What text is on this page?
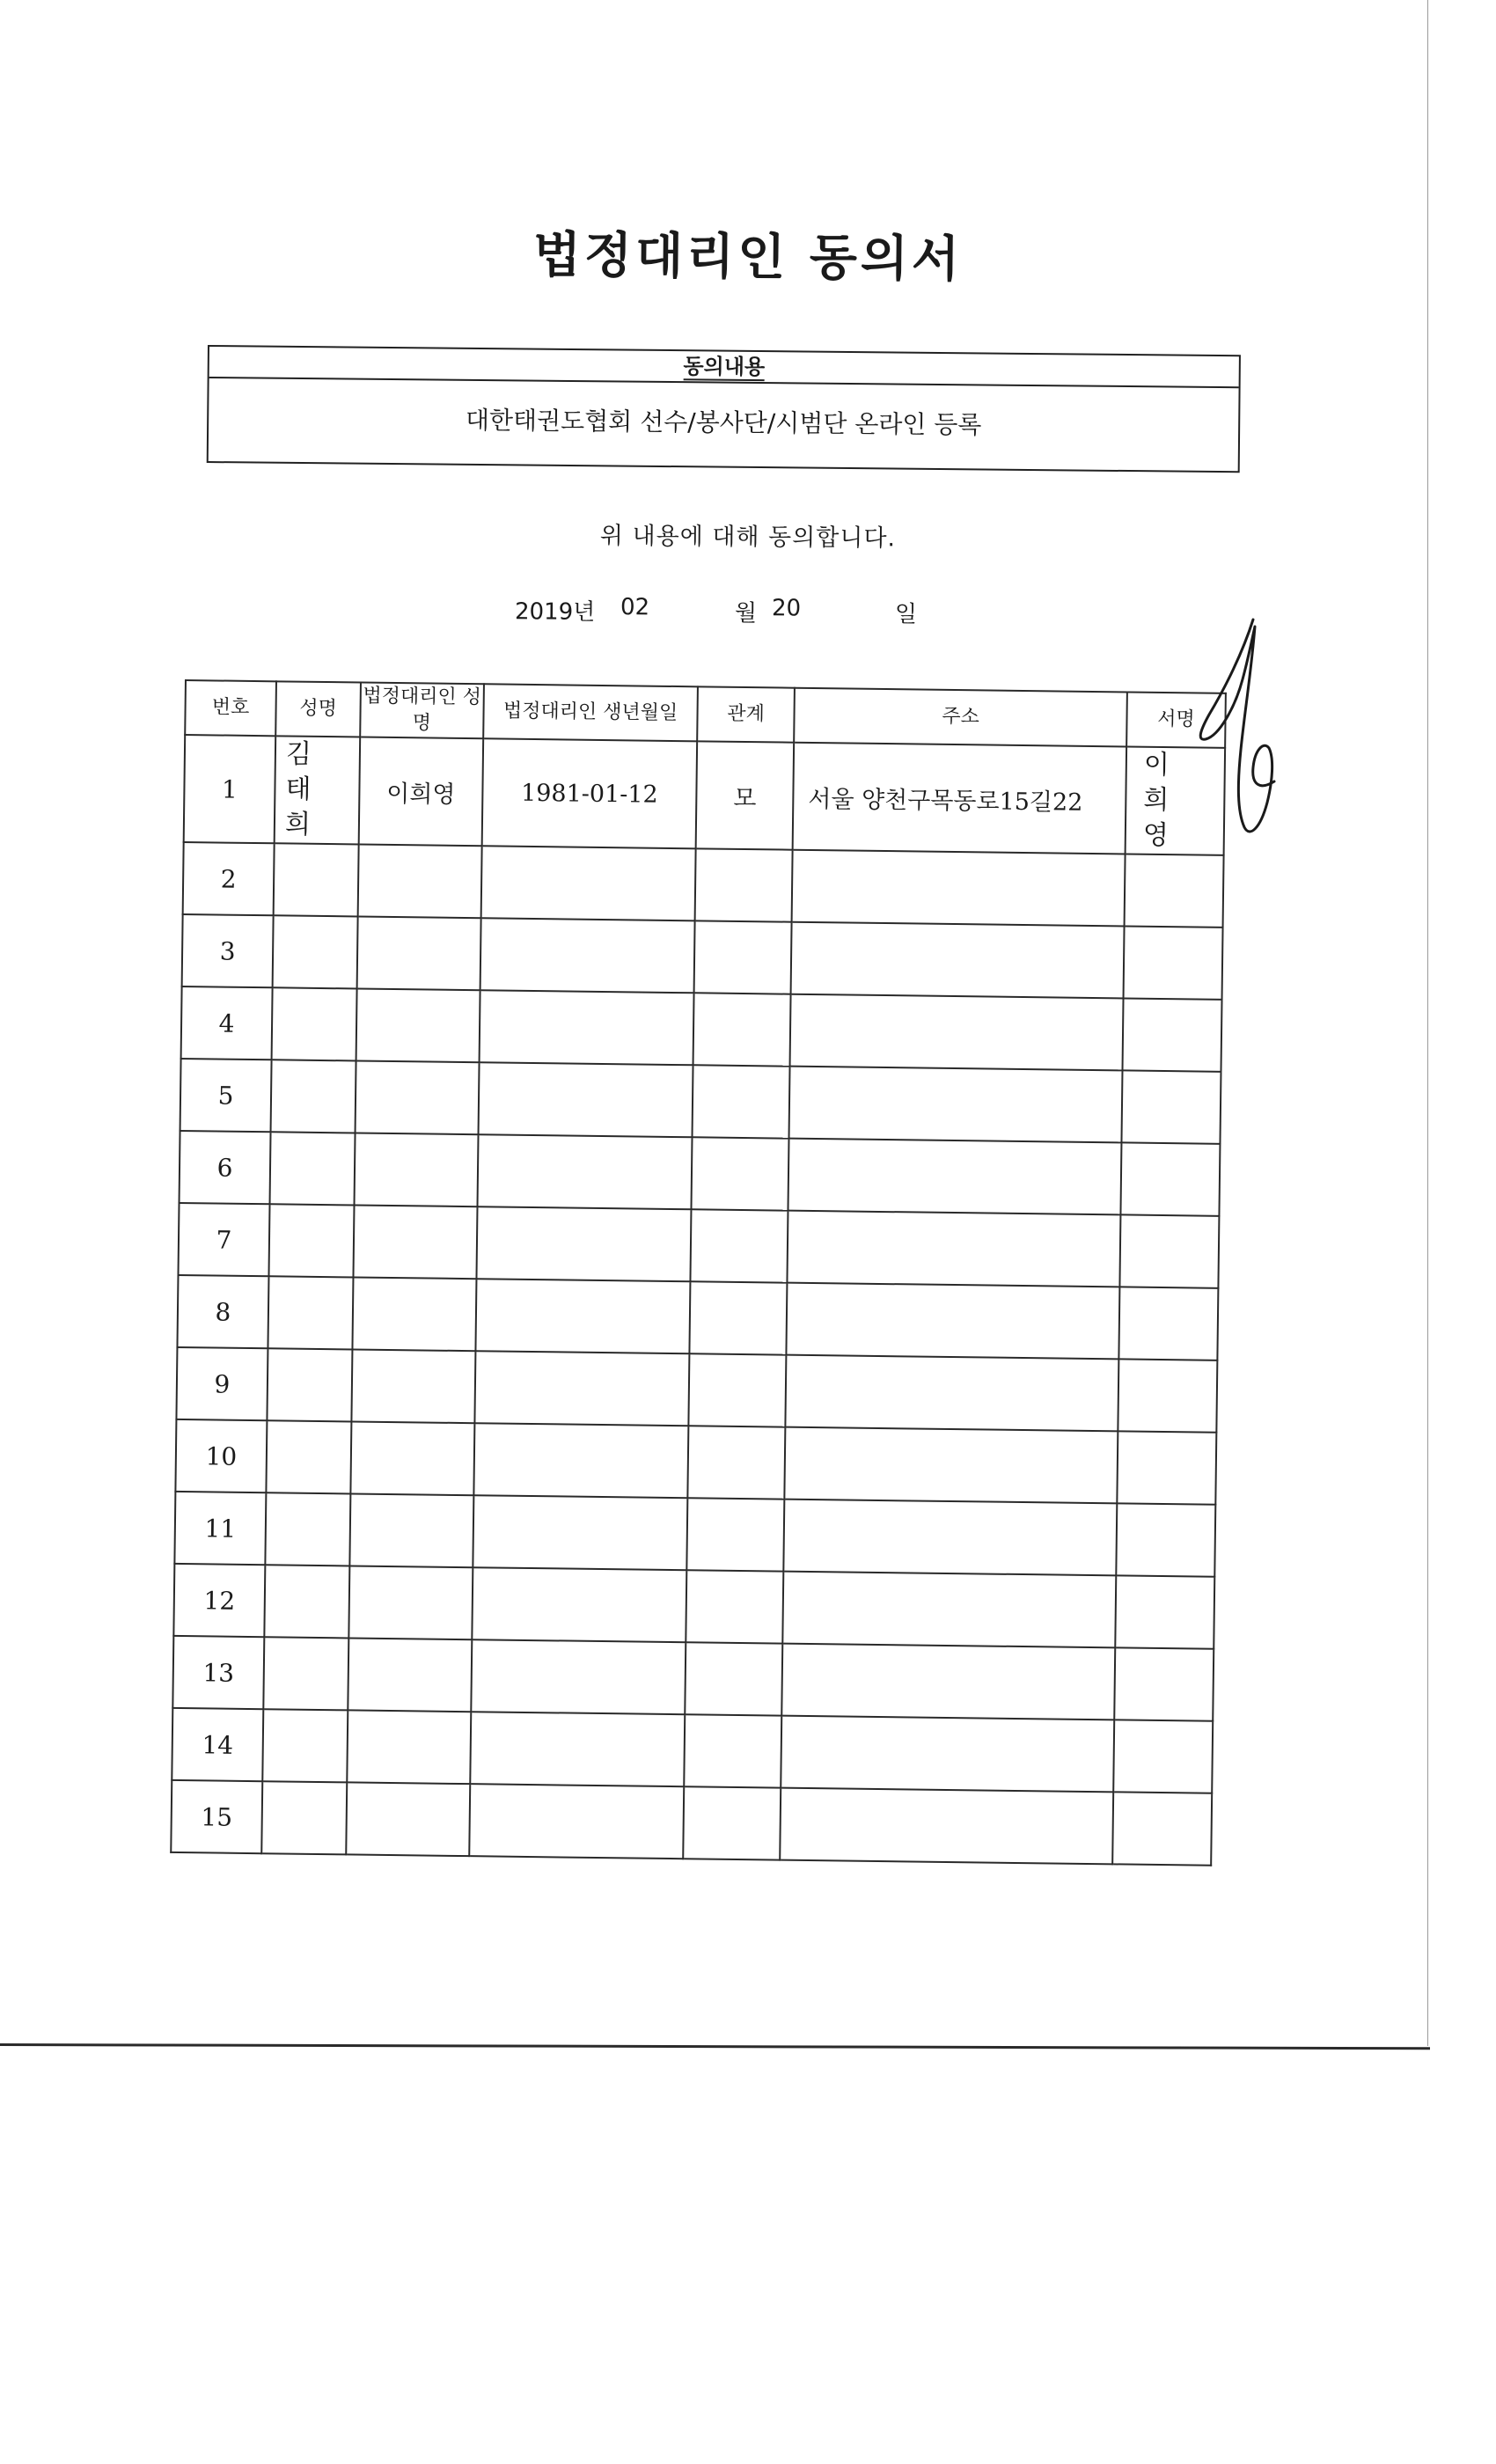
법정대리인 동의서
동의내용
대한태권도협회 선수/봉사단/시범단 온라인 등록
위 내용에 대해 동의합니다.
2019년 02	월 20	일
번호	성명	법정대리인 성명	법정대리인 생년월일	관계	주소	서명
1	김 태 희	이희영	1981-01-12	모	서울 양천구목동로15길22	이 희 영
2						
3						
4						
5						
6						
7						
8						
9						
10						
11						
12						
13						
14						
15						
